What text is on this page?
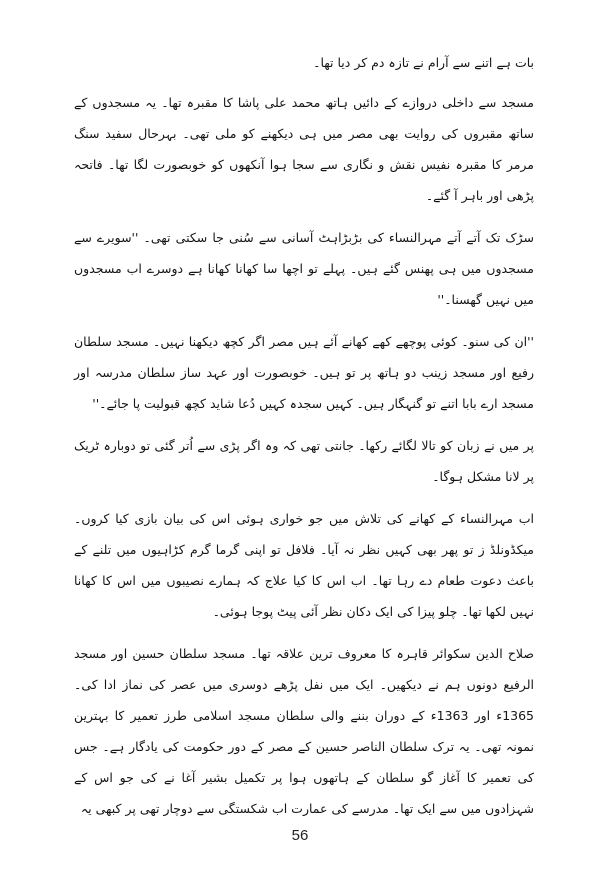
بات ہے اتنے سے آرام نے تازہ دم کر دیا تھا۔

مسجد سے داخلی دروازے کے دائیں ہاتھ محمد علی پاشا کا مقبرہ تھا۔ یہ مسجدوں کے ساتھ مقبروں کی روایت بھی مصر میں ہی دیکھنے کو ملی تھی۔ بہرحال سفید سنگ مرمر کا مقبرہ نفیس نقش و نگاری سے سجا ہوا آنکھوں کو خوبصورت لگا تھا۔ فاتحہ پڑھی اور باہر آ گئے۔

سڑک تک آتے آتے مہرالنساء کی بڑبڑاہٹ آسانی سے سُنی جا سکتی تھی۔ ''سویرے سے مسجدوں میں ہی پھنس گئے ہیں۔ پہلے تو اچھا سا کھانا کھانا ہے دوسرے اب مسجدوں میں نہیں گھسنا۔''

''ان کی سنو۔ کوئی پوچھے کھے کھانے آئے ہیں مصر اگر کچھ دیکھنا نہیں۔ مسجد سلطان رفیع اور مسجد زینب دو ہاتھ پر تو ہیں۔ خوبصورت اور عہد ساز سلطان مدرسہ اور مسجد ارے بابا اتنے تو گنہگار ہیں۔ کہیں سجدہ کہیں دُعا شاید کچھ قبولیت پا جائے۔''

پر میں نے زبان کو تالا لگائے رکھا۔ جانتی تھی کہ وہ اگر پڑی سے اُتر گئی تو دوبارہ ٹریک پر لانا مشکل ہوگا۔

اب مہرالنساء کے کھانے کی تلاش میں جو خواری ہوئی اس کی بیان بازی کیا کروں۔ میکڈونلڈ ز تو پھر بھی کہیں نظر نہ آیا۔ فلافل تو اپنی گرما گرم کڑاہیوں میں تلنے کے باعث دعوت طعام دے رہا تھا۔ اب اس کا کیا علاج کہ ہمارے نصیبوں میں اس کا کھانا نہیں لکھا تھا۔ چلو پیزا کی ایک دکان نظر آئی پیٹ پوجا ہوئی۔

صلاح الدین سکوائر قاہرہ کا معروف ترین علاقہ تھا۔ مسجد سلطان حسین اور مسجد الرفیع دونوں ہم نے دیکھیں۔ ایک میں نفل پڑھے دوسری میں عصر کی نماز ادا کی۔ 1365ء اور 1363ء کے دوران بننے والی سلطان مسجد اسلامی طرز تعمیر کا بہترین نمونہ تھی۔ یہ ترک سلطان الناصر حسین کے مصر کے دور حکومت کی یادگار ہے۔ جس کی تعمیر کا آغاز گو سلطان کے ہاتھوں ہوا پر تکمیل بشیر آغا نے کی جو اس کے شہزادوں میں سے ایک تھا۔ مدرسے کی عمارت اب شکستگی سے دوچار تھی پر کبھی یہ

56
